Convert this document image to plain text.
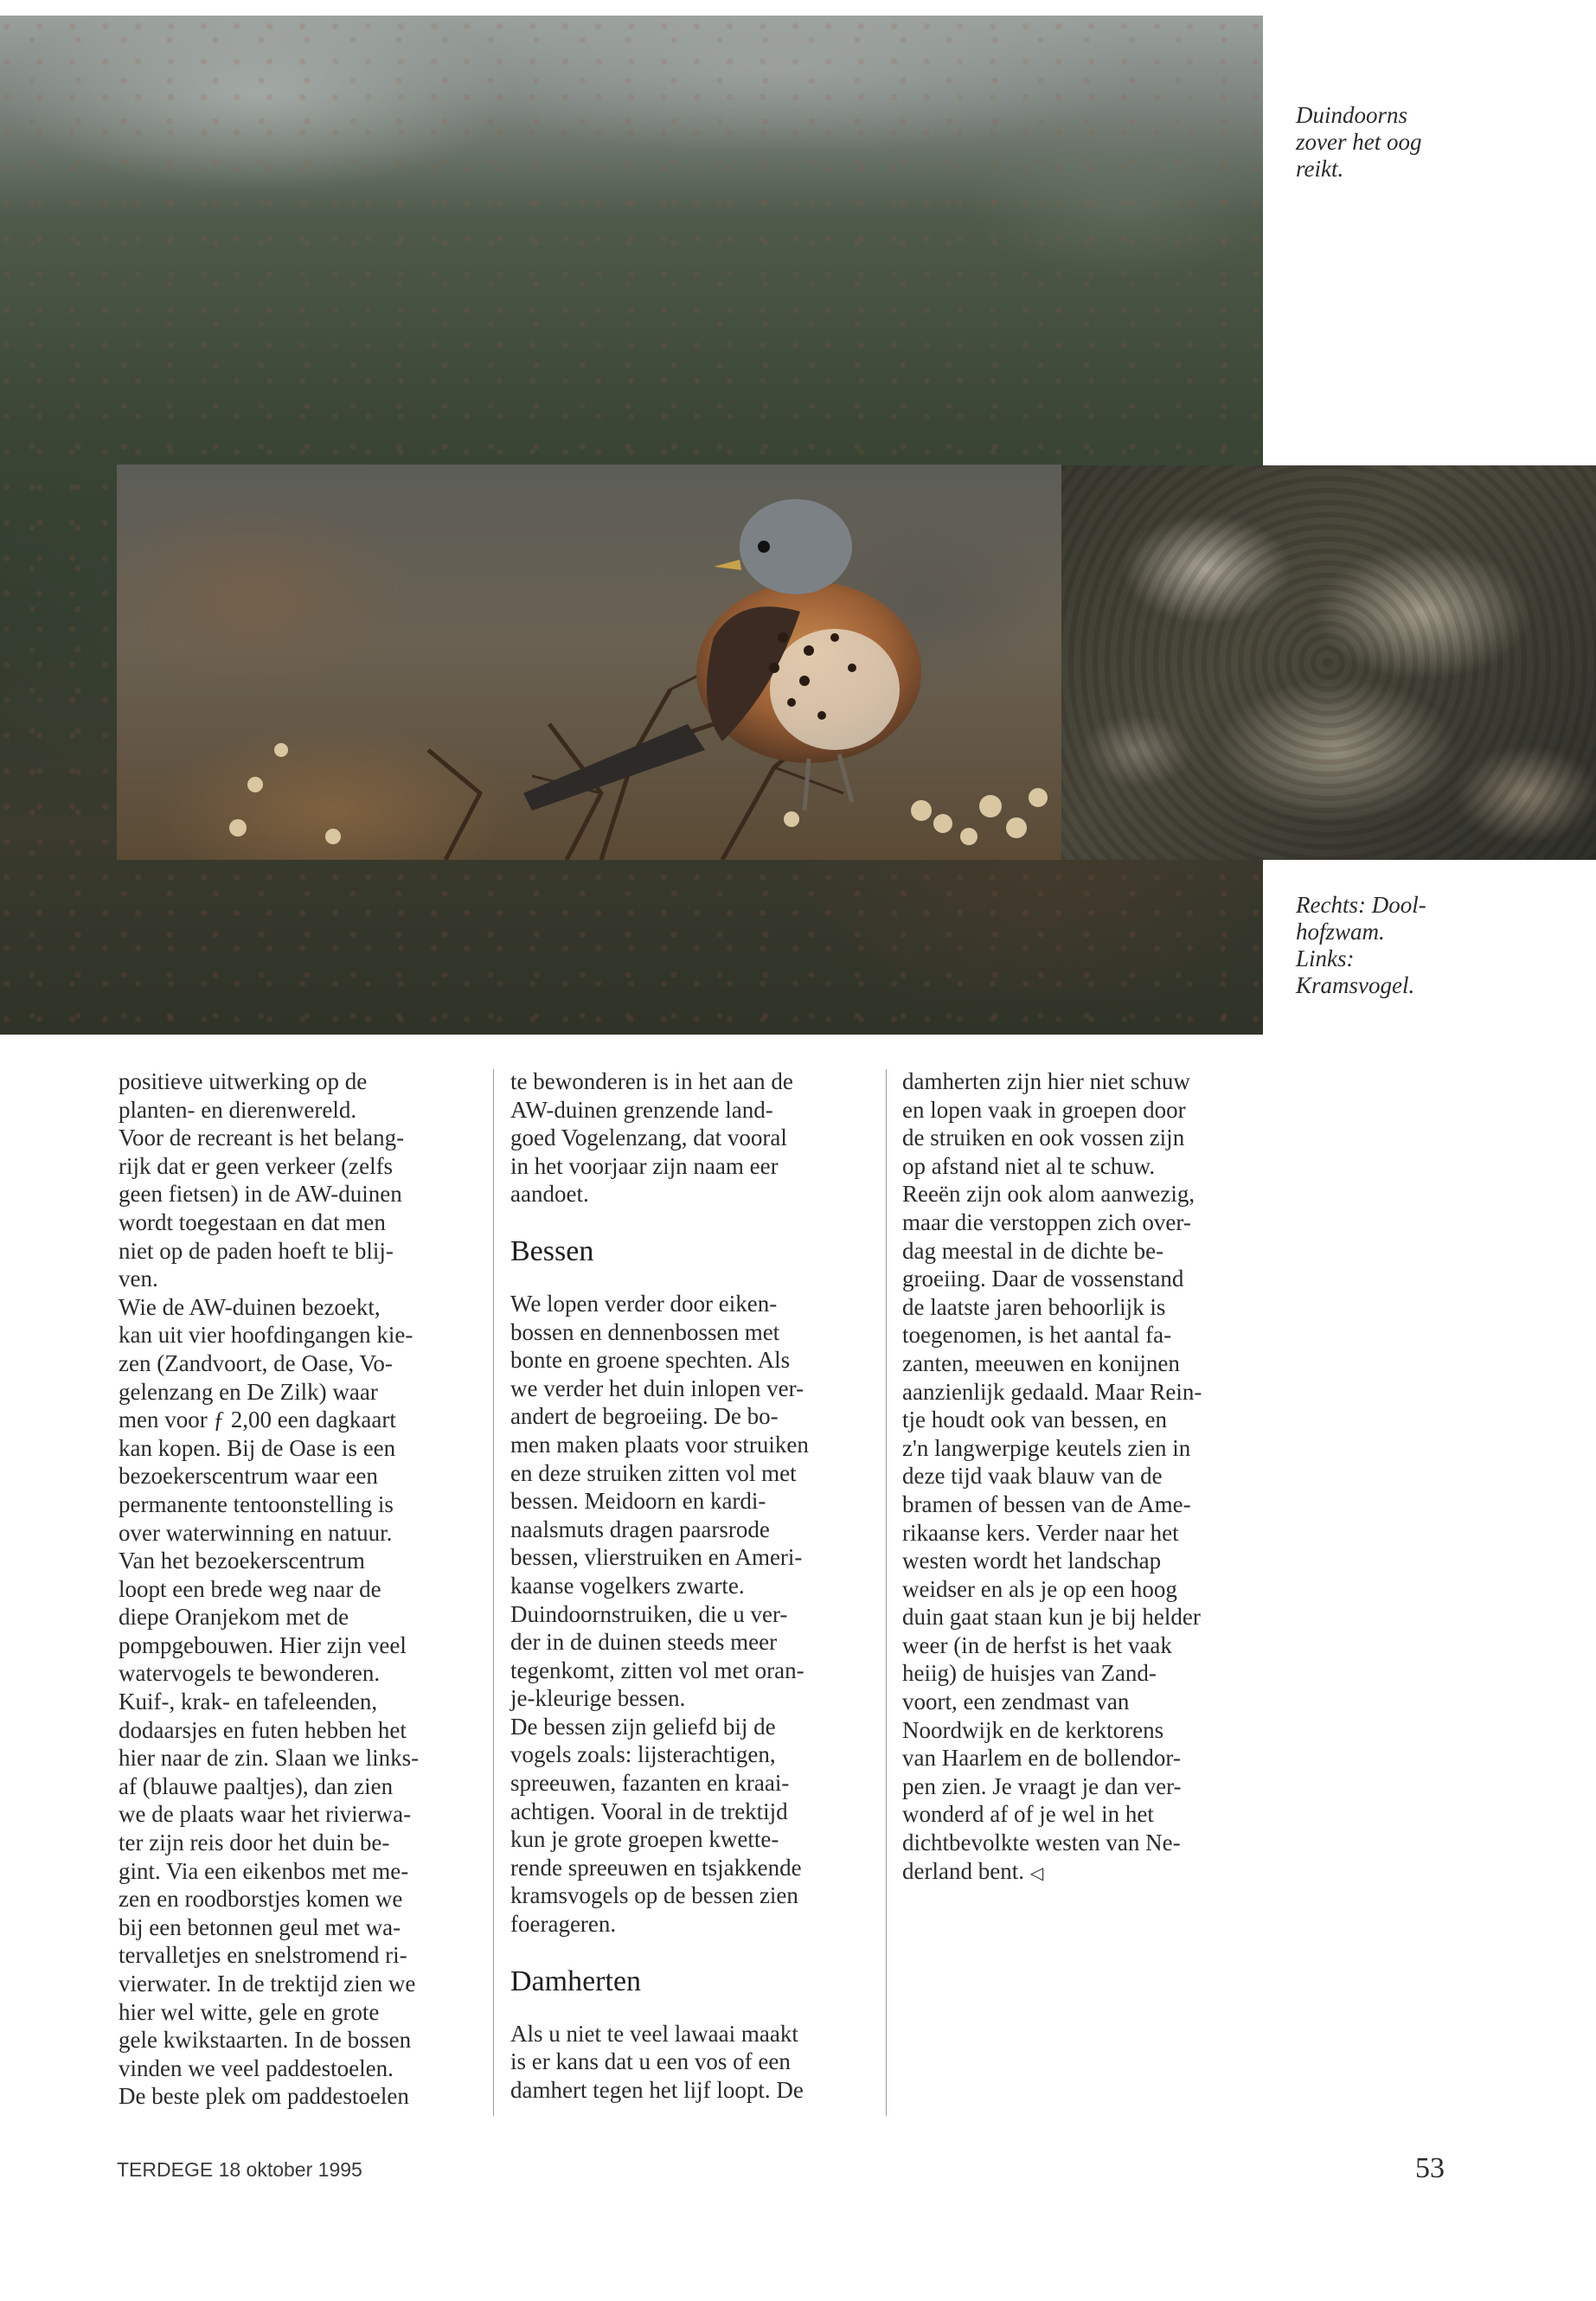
Duindoorns
zover het oog
reikt.
Rechts: Dool-
hofzwam.
Links:
Kramsvogel.

positieve uitwerking op de

planten- en dierenwereld.

Voor de recreant is het belang-

rijk dat er geen verkeer (zelfs

geen fietsen) in de AW-duinen

wordt toegestaan en dat men

niet op de paden hoeft te blij-

ven.

Wie de AW-duinen bezoekt,

kan uit vier hoofdingangen kie-

zen (Zandvoort, de Oase, Vo-

gelenzang en De Zilk) waar

men voor ƒ 2,00 een dagkaart

kan kopen. Bij de Oase is een

bezoekerscentrum waar een

permanente tentoonstelling is

over waterwinning en natuur.

Van het bezoekerscentrum

loopt een brede weg naar de

diepe Oranjekom met de

pompgebouwen. Hier zijn veel

watervogels te bewonderen.

Kuif-, krak- en tafeleenden,

dodaarsjes en futen hebben het

hier naar de zin. Slaan we links-

af (blauwe paaltjes), dan zien

we de plaats waar het rivierwa-

ter zijn reis door het duin be-

gint. Via een eikenbos met me-

zen en roodborstjes komen we

bij een betonnen geul met wa-

tervalletjes en snelstromend ri-

vierwater. In de trektijd zien we

hier wel witte, gele en grote

gele kwikstaarten. In de bossen

vinden we veel paddestoelen.

De beste plek om paddestoelen

te bewonderen is in het aan de

AW-duinen grenzende land-

goed Vogelenzang, dat vooral

in het voorjaar zijn naam eer

aandoet.

Bessen

We lopen verder door eiken-

bossen en dennenbossen met

bonte en groene spechten. Als

we verder het duin inlopen ver-

andert de begroeiing. De bo-

men maken plaats voor struiken

en deze struiken zitten vol met

bessen. Meidoorn en kardi-

naalsmuts dragen paarsrode

bessen, vlierstruiken en Ameri-

kaanse vogelkers zwarte.

Duindoornstruiken, die u ver-

der in de duinen steeds meer

tegenkomt, zitten vol met oran-

je-kleurige bessen.

De bessen zijn geliefd bij de

vogels zoals: lijsterachtigen,

spreeuwen, fazanten en kraai-

achtigen. Vooral in de trektijd

kun je grote groepen kwette-

rende spreeuwen en tsjakkende

kramsvogels op de bessen zien

foerageren.

Damherten

Als u niet te veel lawaai maakt

is er kans dat u een vos of een

damhert tegen het lijf loopt. De

damherten zijn hier niet schuw

en lopen vaak in groepen door

de struiken en ook vossen zijn

op afstand niet al te schuw.

Reeën zijn ook alom aanwezig,

maar die verstoppen zich over-

dag meestal in de dichte be-

groeiing. Daar de vossenstand

de laatste jaren behoorlijk is

toegenomen, is het aantal fa-

zanten, meeuwen en konijnen

aanzienlijk gedaald. Maar Rein-

tje houdt ook van bessen, en

z'n langwerpige keutels zien in

deze tijd vaak blauw van de

bramen of bessen van de Ame-

rikaanse kers. Verder naar het

westen wordt het landschap

weidser en als je op een hoog

duin gaat staan kun je bij helder

weer (in de herfst is het vaak

heiig) de huisjes van Zand-

voort, een zendmast van

Noordwijk en de kerktorens

van Haarlem en de bollendor-

pen zien. Je vraagt je dan ver-

wonderd af of je wel in het

dichtbevolkte westen van Ne-

derland bent. ◁

TERDEGE 18 oktober 1995	53
